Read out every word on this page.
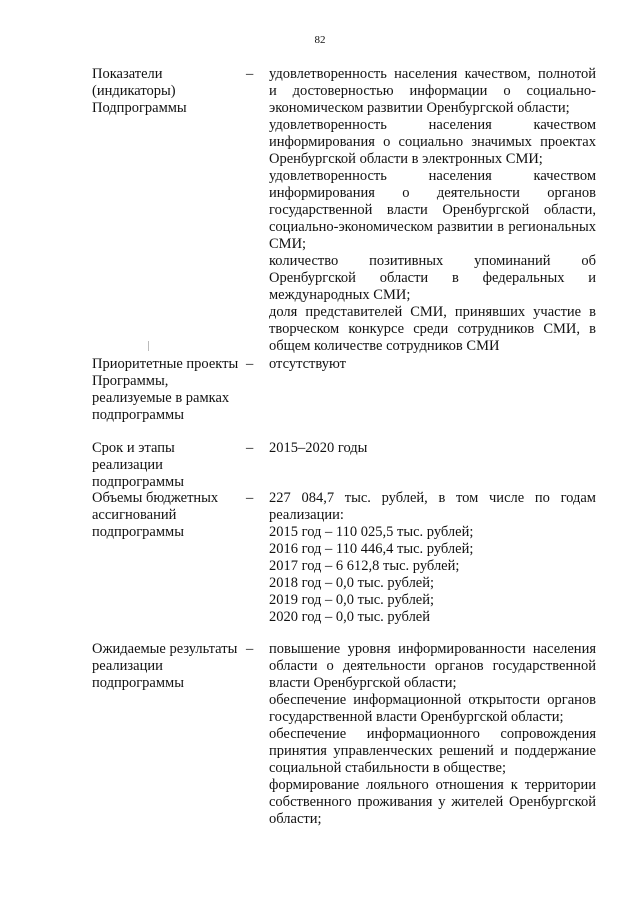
82
Показатели (индикаторы) Подпрограммы
–	удовлетворенность населения качеством, полнотой и достоверностью информации о социально-экономическом развитии Оренбургской области;
удовлетворенность населения качеством информирования о социально значимых проектах Оренбургской области в электронных СМИ;
удовлетворенность населения качеством информирования о деятельности органов государственной власти Оренбургской области, социально-экономическом развитии в региональных СМИ;
количество позитивных упоминаний об Оренбургской области в федеральных и международных СМИ;
доля представителей СМИ, принявших участие в творческом конкурсе среди сотрудников СМИ, в общем количестве сотрудников СМИ
Приоритетные проекты Программы, реализуемые в рамках подпрограммы
–	отсутствуют
Срок и этапы реализации подпрограммы
–	2015–2020 годы
Объемы бюджетных ассигнований подпрограммы
–	227 084,7 тыс. рублей, в том числе по годам реализации:
2015 год – 110 025,5 тыс. рублей;
2016 год – 110 446,4 тыс. рублей;
2017 год – 6 612,8 тыс. рублей;
2018 год – 0,0 тыс. рублей;
2019 год – 0,0 тыс. рублей;
2020 год – 0,0 тыс. рублей
Ожидаемые результаты реализации подпрограммы
–	повышение уровня информированности населения области о деятельности органов государственной власти Оренбургской области;
обеспечение информационной открытости органов государственной власти Оренбургской области;
обеспечение информационного сопровождения принятия управленческих решений и поддержание социальной стабильности в обществе;
формирование лояльного отношения к территории собственного проживания у жителей Оренбургской области;
